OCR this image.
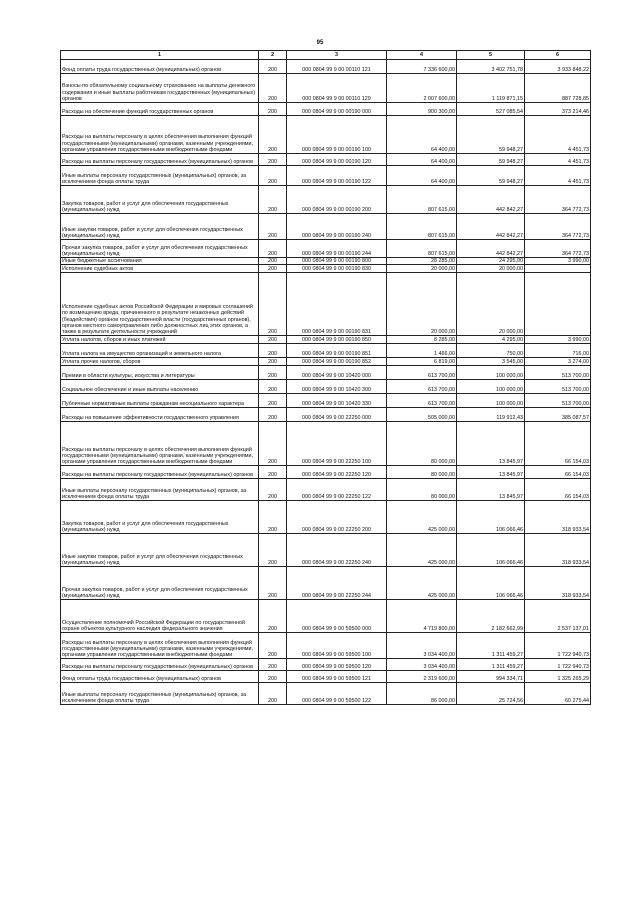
95
1	2	3	4	5	6
Фонд оплаты труда государственных (муниципальных) органов	200	000 0804 99 9 00 00110 121	7 336 600,00	3 402 751,78	3 933 848,22
Взносы по обязательному социальному страхованию на выплаты денежного содержания и иные выплаты работникам государственных (муниципальных) органов	200	000 0804 99 9 00 00110 129	2 007 600,00	1 119 871,15	887 728,85
Расходы на обеспечение функций государственных органов	200	000 0804 99 9 00 00190 000	900 300,00	527 085,54	373 214,46
Расходы на выплаты персоналу в целях обеспечения выполнения функций государственными (муниципальными) органами, казенными учреждениями, органами управления государственными внебюджетными фондами	200	000 0804 99 9 00 00190 100	64 400,00	59 948,27	4 451,73
Расходы на выплаты персоналу государственных (муниципальных) органов	200	000 0804 99 9 00 00190 120	64 400,00	59 948,27	4 451,73
Иные выплаты персоналу государственных (муниципальных) органов, за исключением фонда оплаты труда	200	000 0804 99 9 00 00190 122	64 400,00	59 948,27	4 451,73
Закупка товаров, работ и услуг для обеспечения государственных (муниципальных) нужд	200	000 0804 99 9 00 00190 200	807 615,00	442 842,27	364 772,73
Иные закупки товаров, работ и услуг для обеспечения государственных (муниципальных) нужд	200	000 0804 99 9 00 00190 240	807 615,00	442 842,27	364 772,73
Прочая закупка товаров, работ и услуг для обеспечения государственных (муниципальных) нужд	200	000 0804 99 9 00 00190 244	807 615,00	442 842,27	364 772,73
Иные бюджетные ассигнования	200	000 0804 99 9 00 00190 800	28 285,00	24 295,00	3 990,00
Исполнение судебных актов	200	000 0804 99 9 00 00190 830	20 000,00	20 000,00	
Исполнение судебных актов Российской Федерации и мировых соглашений по возмещению вреда, причиненного в результате незаконных действий (бездействия) органов государственной власти (государственных органов), органов местного самоуправления либо должностных лиц этих органов, а также в результате деятельности учреждений	200	000 0804 99 9 00 00190 831	20 000,00	20 000,00	
Уплата налогов, сборов и иных платежей	200	000 0804 99 9 00 00190 850	8 285,00	4 295,00	3 990,00
Уплата налога на имущество организаций и земельного налога	200	000 0804 99 9 00 00190 851	1 466,00	750,00	716,00
Уплата прочих налогов, сборов	200	000 0804 99 9 00 00190 852	6 819,00	3 545,00	3 274,00
Премии в области культуры, искусства и литературы	200	000 0804 99 9 00 10420 000	613 700,00	100 000,00	513 700,00
Социальное обеспечение и иные выплаты населению	200	000 0804 99 9 00 10420 300	613 700,00	100 000,00	513 700,00
Публичные нормативные выплаты гражданам несоциального характера	200	000 0804 99 9 00 10420 330	613 700,00	100 000,00	513 700,00
Расходы на повышение эффективности государственного управления	200	000 0804 99 9 00 22250 000	505 000,00	119 912,43	385 087,57
Расходы на выплаты персоналу в целях обеспечения выполнения функций государственными (муниципальными) органами, казенными учреждениями, органами управления государственными внебюджетными фондами	200	000 0804 99 9 00 22250 100	80 000,00	13 845,97	66 154,03
Расходы на выплаты персоналу государственных (муниципальных) органов	200	000 0804 99 9 00 22250 120	80 000,00	13 845,97	66 154,03
Иные выплаты персоналу государственных (муниципальных) органов, за исключением фонда оплаты труда	200	000 0804 99 9 00 22250 122	80 000,00	13 845,97	66 154,03
Закупка товаров, работ и услуг для обеспечения государственных (муниципальных) нужд	200	000 0804 99 9 00 22250 200	425 000,00	106 066,46	318 933,54
Иные закупки товаров, работ и услуг для обеспечения государственных (муниципальных) нужд	200	000 0804 99 9 00 22250 240	425 000,00	106 066,46	318 933,54
Прочая закупка товаров, работ и услуг для обеспечения государственных (муниципальных) нужд	200	000 0804 99 9 00 22250 244	425 000,00	106 066,46	318 933,54
Осуществление полномочий Российской Федерации по государственной охране объектов культурного наследия федерального значения	200	000 0804 99 9 00 59500 000	4 719 800,00	2 182 662,99	2 537 137,01
Расходы на выплаты персоналу в целях обеспечения выполнения функций государственными (муниципальными) органами, казенными учреждениями, органами управления государственными внебюджетными фондами	200	000 0804 99 9 00 59500 100	3 034 400,00	1 311 459,27	1 722 940,73
Расходы на выплаты персоналу государственных (муниципальных) органов	200	000 0804 99 9 00 59500 120	3 034 400,00	1 311 459,27	1 722 940,73
Фонд оплаты труда государственных (муниципальных) органов	200	000 0804 99 9 00 59500 121	2 319 600,00	994 334,71	1 325 265,29
Иные выплаты персоналу государственных (муниципальных) органов, за исключением фонда оплаты труда	200	000 0804 99 9 00 59500 122	86 000,00	25 724,56	60 275,44
